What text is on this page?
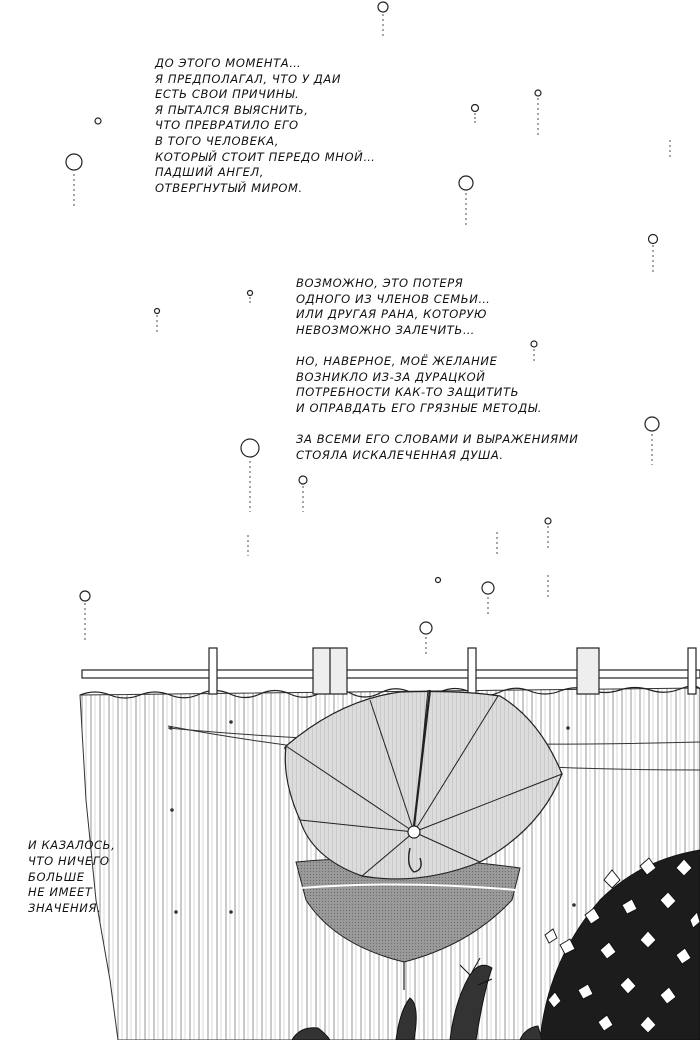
ДО ЭТОГО МОМЕНТА…
Я ПРЕДПОЛАГАЛ, ЧТО У ДАИ
ЕСТЬ СВОИ ПРИЧИНЫ.
Я ПЫТАЛСЯ ВЫЯСНИТЬ,
ЧТО ПРЕВРАТИЛО ЕГО
В ТОГО ЧЕЛОВЕКА,
КОТОРЫЙ СТОИТ ПЕРЕДО МНОЙ…
ПАДШИЙ АНГЕЛ,
ОТВЕРГНУТЫЙ МИРОМ.
ВОЗМОЖНО, ЭТО ПОТЕРЯ
ОДНОГО ИЗ ЧЛЕНОВ СЕМЬИ…
ИЛИ ДРУГАЯ РАНА, КОТОРУЮ
НЕВОЗМОЖНО ЗАЛЕЧИТЬ…
НО, НАВЕРНОЕ, МОЁ ЖЕЛАНИЕ
ВОЗНИКЛО ИЗ-ЗА ДУРАЦКОЙ
ПОТРЕБНОСТИ КАК-ТО ЗАЩИТИТЬ
И ОПРАВДАТЬ ЕГО ГРЯЗНЫЕ МЕТОДЫ.
ЗА ВСЕМИ ЕГО СЛОВАМИ И ВЫРАЖЕНИЯМИ
СТОЯЛА ИСКАЛЕЧЕННАЯ ДУША.
И КАЗАЛОСЬ,
ЧТО НИЧЕГО
БОЛЬШЕ
НЕ ИМЕЕТ
ЗНАЧЕНИЯ.
